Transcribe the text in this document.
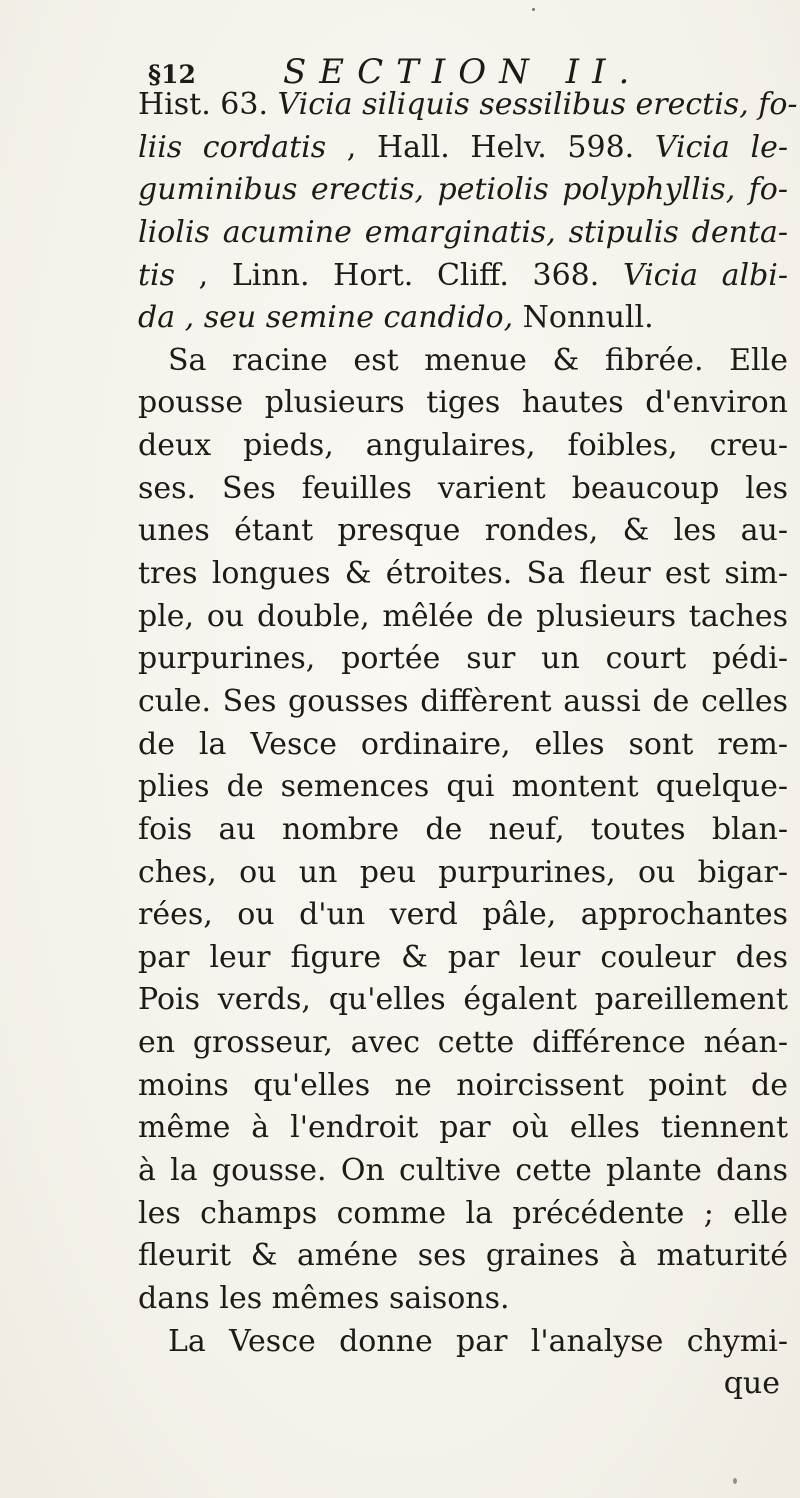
§12	SECTION II.
Hist. 63. Vicia siliquis sessilibus erectis, fo-
liis cordatis , Hall. Helv. 598. Vicia le-
guminibus erectis, petiolis polyphyllis, fo-
liolis acumine emarginatis, stipulis denta-
tis , Linn. Hort. Cliff. 368. Vicia albi-
da , seu semine candido, Nonnull.
Sa racine est menue & fibrée. Elle
pousse plusieurs tiges hautes d'environ
deux pieds, angulaires, foibles, creu-
ses. Ses feuilles varient beaucoup les
unes étant presque rondes, & les au-
tres longues & étroites. Sa fleur est sim-
ple, ou double, mêlée de plusieurs taches
purpurines, portée sur un court pédi-
cule. Ses gousses diffèrent aussi de celles
de la Vesce ordinaire, elles sont rem-
plies de semences qui montent quelque-
fois au nombre de neuf, toutes blan-
ches, ou un peu purpurines, ou bigar-
rées, ou d'un verd pâle, approchantes
par leur figure & par leur couleur des
Pois verds, qu'elles égalent pareillement
en grosseur, avec cette différence néan-
moins qu'elles ne noircissent point de
même à l'endroit par où elles tiennent
à la gousse. On cultive cette plante dans
les champs comme la précédente ; elle
fleurit & améne ses graines à maturité
dans les mêmes saisons.
La Vesce donne par l'analyse chymi-
que
